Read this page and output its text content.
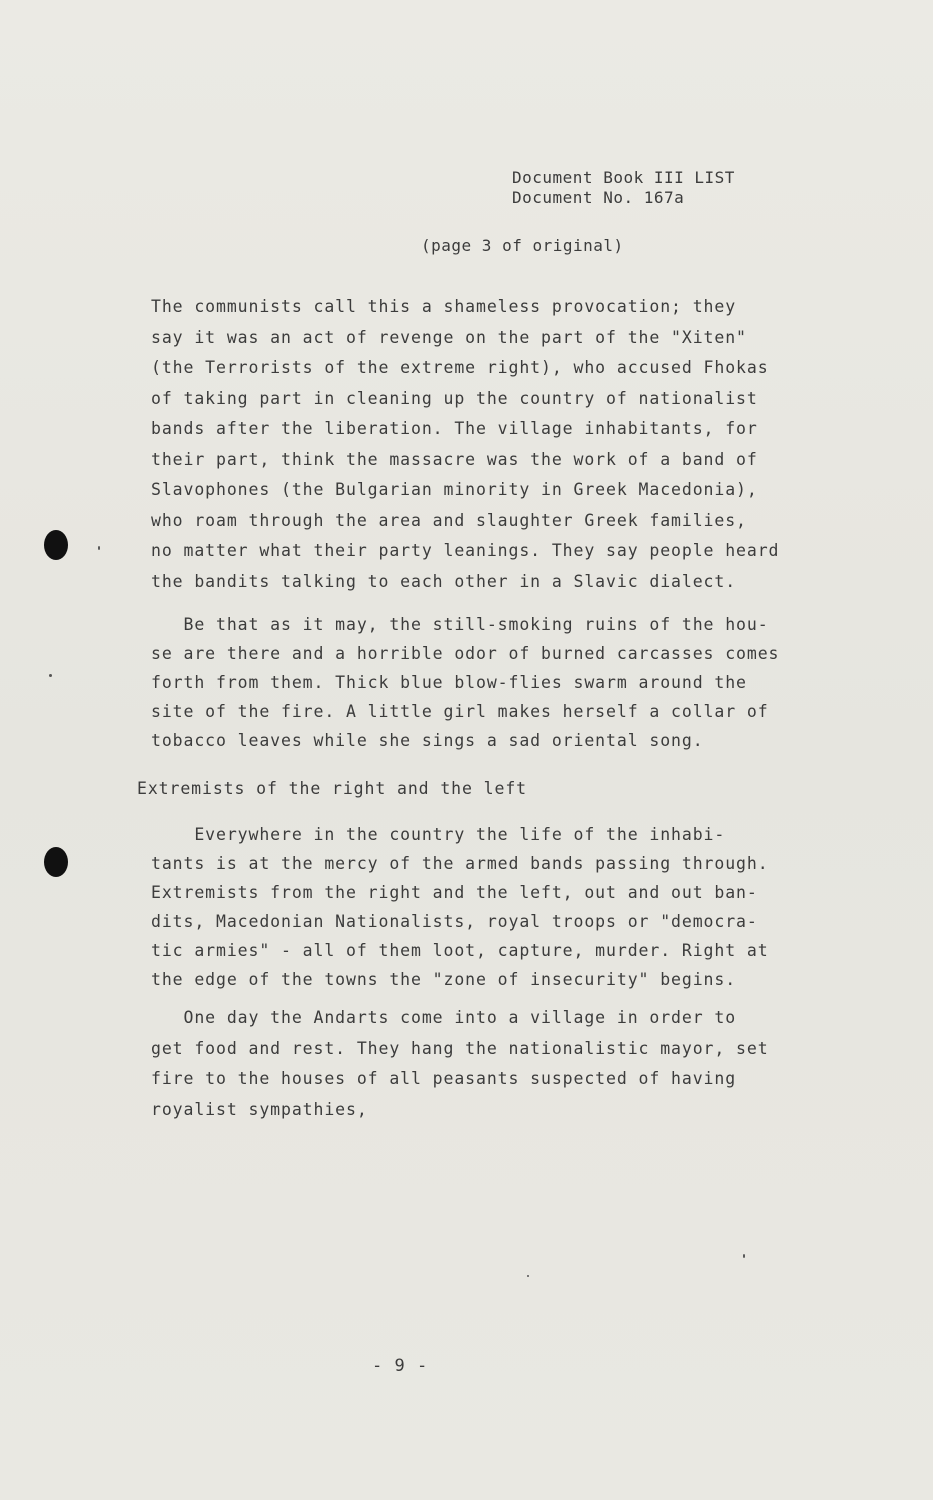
Document Book III LIST
Document No. 167a
(page 3 of original)

The communists call this a shameless provocation; they
say it was an act of revenge on the part of the "Xiten"
(the Terrorists of the extreme right), who accused Fhokas
of taking part in cleaning up the country of nationalist
bands after the liberation. The village inhabitants, for
their part, think the massacre was the work of a band of
Slavophones (the Bulgarian minority in Greek Macedonia),
who roam through the area and slaughter Greek families,
no matter what their party leanings. They say people heard
the bandits talking to each other in a Slavic dialect.

Be that as it may, the still-smoking ruins of the hou-
se are there and a horrible odor of burned carcasses comes
forth from them. Thick blue blow-flies swarm around the
site of the fire. A little girl makes herself a collar of
tobacco leaves while she sings a sad oriental song.

Extremists of the right and the left

Everywhere in the country the life of the inhabi-
tants is at the mercy of the armed bands passing through.
Extremists from the right and the left, out and out ban-
dits, Macedonian Nationalists, royal troops or "democra-
tic armies" - all of them loot, capture, murder. Right at
the edge of the towns the "zone of insecurity" begins.

One day the Andarts come into a village in order to
get food and rest. They hang the nationalistic mayor, set
fire to the houses of all peasants suspected of having
royalist sympathies,

- 9 -
